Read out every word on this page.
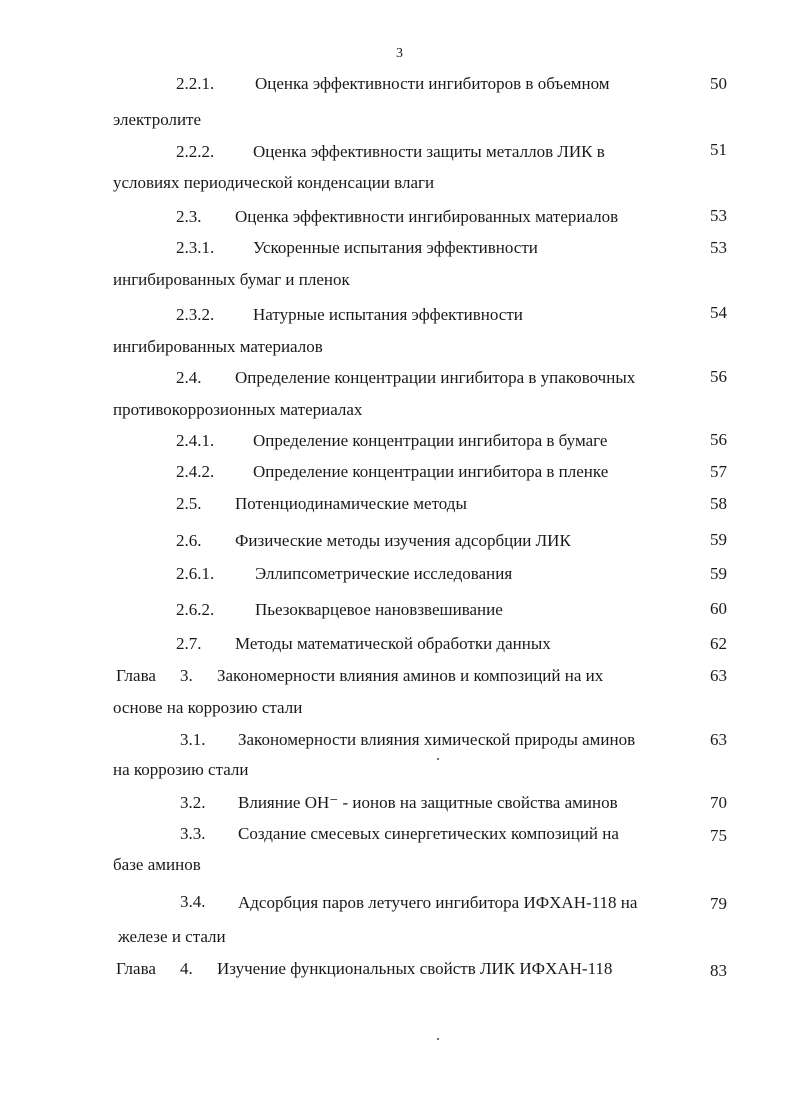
3
2.2.1. Оценка эффективности ингибиторов в объемном	50
электролите
2.2.2. Оценка эффективности защиты металлов ЛИК в	51
условиях периодической конденсации влаги
2.3. Оценка эффективности ингибированных материалов	53
2.3.1. Ускоренные испытания эффективности	53
ингибированных бумаг и пленок
2.3.2. Натурные испытания эффективности	54
ингибированных материалов
2.4. Определение концентрации ингибитора в упаковочных	56
противокоррозионных материалах
2.4.1. Определение концентрации ингибитора в бумаге	56
2.4.2. Определение концентрации ингибитора в пленке	57
2.5. Потенциодинамические методы	58
2.6. Физические методы изучения адсорбции ЛИК	59
2.6.1. Эллипсометрические исследования	59
2.6.2. Пьезокварцевое нановзвешивание	60
2.7. Методы математической обработки данных	62
Глава 3. Закономерности влияния аминов и композиций на их	63
основе на коррозию стали
3.1. Закономерности влияния химической природы аминов	63
на коррозию стали
3.2. Влияние ОН⁻ - ионов на защитные свойства аминов	70
3.3. Создание смесевых синергетических композиций на	75
базе аминов
3.4. Адсорбция паров летучего ингибитора ИФХАН-118 на	79
железе и стали
Глава 4. Изучение функциональных свойств ЛИК ИФХАН-118	83
